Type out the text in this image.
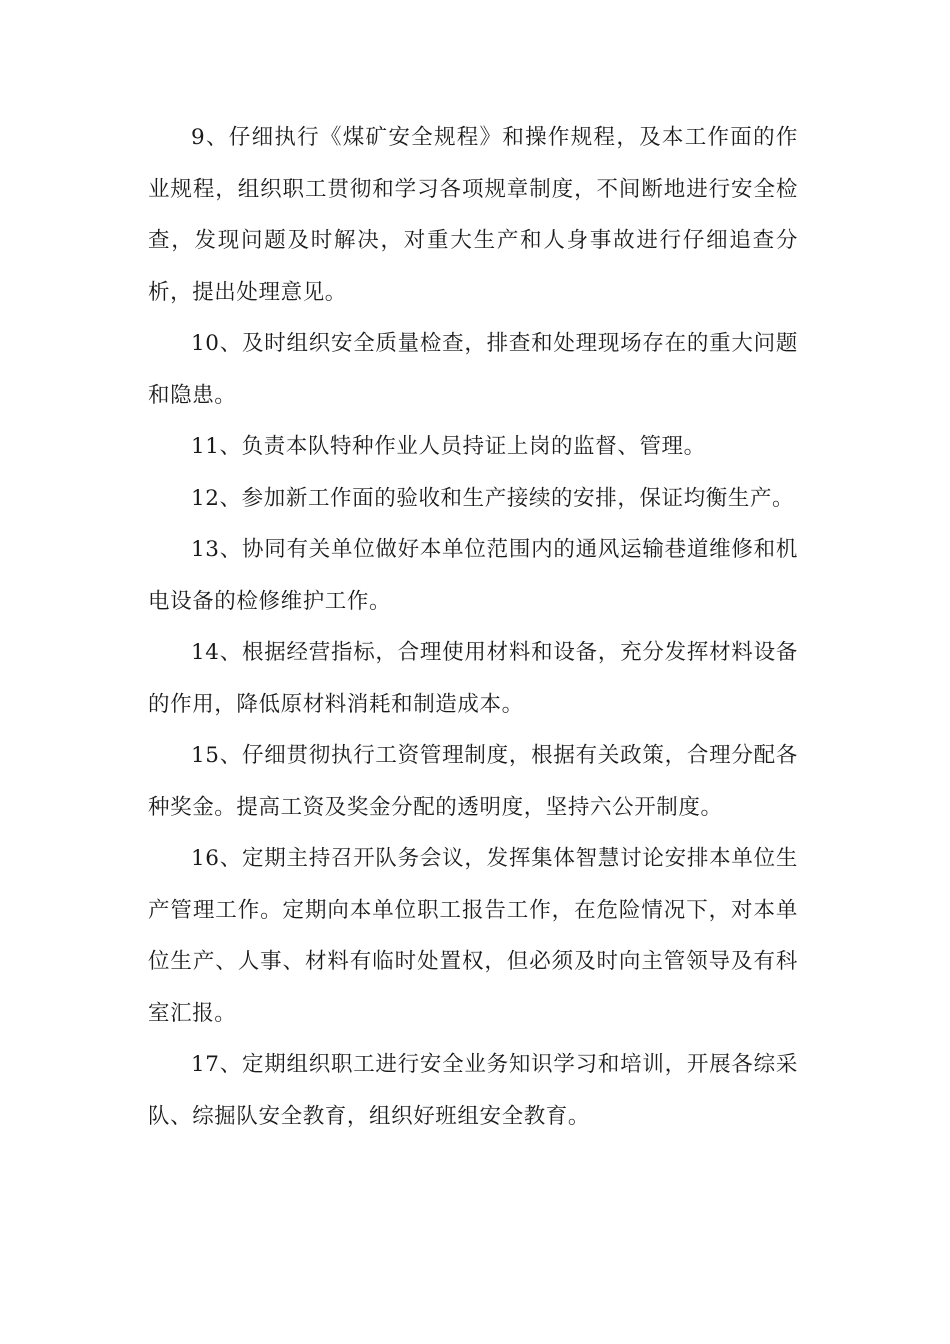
9、仔细执行《煤矿安全规程》和操作规程，及本工作面的作业规程，组织职工贯彻和学习各项规章制度，不间断地进行安全检查，发现问题及时解决，对重大生产和人身事故进行仔细追查分析，提出处理意见。

10、及时组织安全质量检查，排查和处理现场存在的重大问题和隐患。

11、负责本队特种作业人员持证上岗的监督、管理。

12、参加新工作面的验收和生产接续的安排，保证均衡生产。

13、协同有关单位做好本单位范围内的通风运输巷道维修和机电设备的检修维护工作。

14、根据经营指标，合理使用材料和设备，充分发挥材料设备的作用，降低原材料消耗和制造成本。

15、仔细贯彻执行工资管理制度，根据有关政策，合理分配各种奖金。提高工资及奖金分配的透明度，坚持六公开制度。

16、定期主持召开队务会议，发挥集体智慧讨论安排本单位生产管理工作。定期向本单位职工报告工作，在危险情况下，对本单位生产、人事、材料有临时处置权，但必须及时向主管领导及有科室汇报。

17、定期组织职工进行安全业务知识学习和培训，开展各综采队、综掘队安全教育，组织好班组安全教育。
